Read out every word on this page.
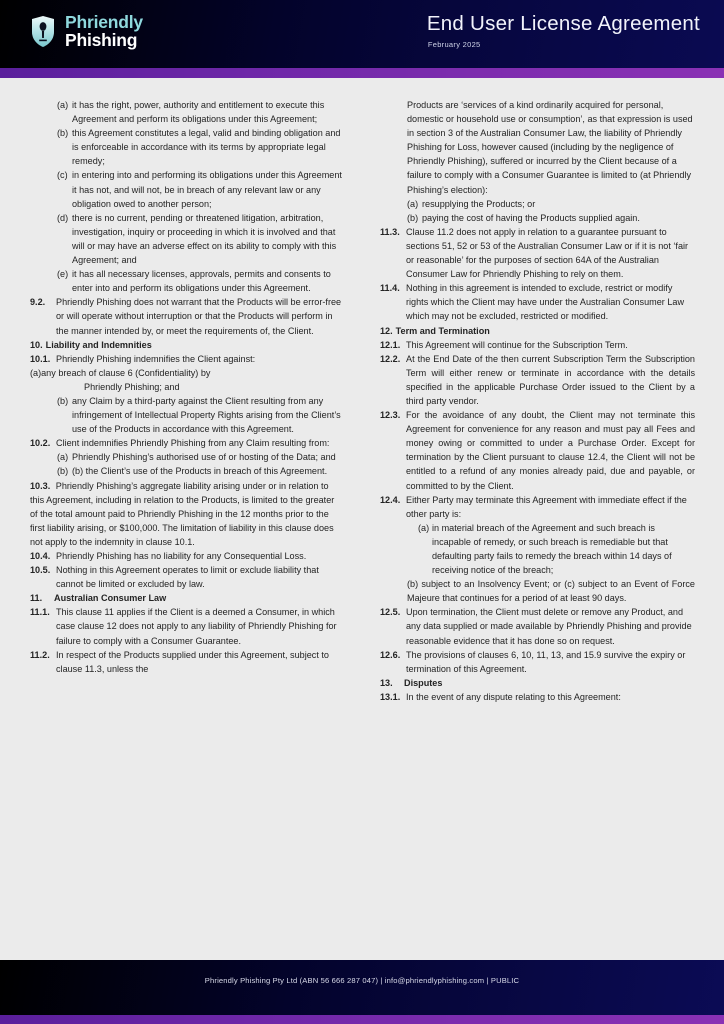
Phriendly
Phishing
End User License Agreement
February 2025
(a) it has the right, power, authority and entitlement to execute this Agreement and perform its obligations under this Agreement;
(b) this Agreement constitutes a legal, valid and binding obligation and is enforceable in accordance with its terms by appropriate legal remedy;
(c) in entering into and performing its obligations under this Agreement it has not, and will not, be in breach of any relevant law or any obligation owed to another person;
(d) there is no current, pending or threatened litigation, arbitration, investigation, inquiry or proceeding in which it is involved and that will or may have an adverse effect on its ability to comply with this Agreement; and
(e) it has all necessary licenses, approvals, permits and consents to enter into and perform its obligations under this Agreement.
9.2.	Phriendly Phishing does not warrant that the Products will be error-free or will operate without interruption or that the Products will perform in the manner intended by, or meet the requirements of, the Client.
10. Liability and Indemnities
10.1. Phriendly Phishing indemnifies the Client against:
(a)any breach of clause 6 (Confidentiality) by
Phriendly Phishing; and
(b) any Claim by a third-party against the Client resulting from any infringement of Intellectual Property Rights arising from the Client’s use of the Products in accordance with this Agreement.
10.2. Client indemnifies Phriendly Phishing from any Claim resulting from:
(a) Phriendly Phishing’s authorised use of or hosting of the Data; and
(b) (b) the Client’s use of the Products in breach of this Agreement.
10.3. Phriendly Phishing’s aggregate liability arising under or in relation to this Agreement, including in relation to the Products, is limited to the greater of the total amount paid to Phriendly Phishing in the 12 months prior to the first liability arising, or $100,000. The limitation of liability in this clause does not apply to the indemnity in clause 10.1.
10.4. Phriendly Phishing has no liability for any Consequential Loss.
10.5. Nothing in this Agreement operates to limit or exclude liability that cannot be limited or excluded by law.
11.	Australian Consumer Law
11.1. This clause 11 applies if the Client is a deemed a Consumer, in which case clause 12 does not apply to any liability of Phriendly Phishing for failure to comply with a Consumer Guarantee.
11.2. In respect of the Products supplied under this Agreement, subject to clause 11.3, unless the
Products are ‘services of a kind ordinarily acquired for personal, domestic or household use or consumption’, as that expression is used in section 3 of the Australian Consumer Law, the liability of Phriendly Phishing for Loss, however caused (including by the negligence of Phriendly Phishing), suffered or incurred by the Client because of a failure to comply with a Consumer Guarantee is limited to (at Phriendly Phishing’s election):
(a) resupplying the Products; or
(b) paying the cost of having the Products supplied again.
11.3. Clause 11.2 does not apply in relation to a guarantee pursuant to sections 51, 52 or 53 of the Australian Consumer Law or if it is not ‘fair or reasonable’ for the purposes of section 64A of the Australian Consumer Law for Phriendly Phishing to rely on them.
11.4. Nothing in this agreement is intended to exclude, restrict or modify rights which the Client may have under the Australian Consumer Law which may not be excluded, restricted or modified.
12. Term and Termination
12.1. This Agreement will continue for the Subscription Term.
12.2. At the End Date of the then current Subscription Term the Subscription Term will either renew or terminate in accordance with the details specified in the applicable Purchase Order issued to the Client by a third party vendor.
12.3. For the avoidance of any doubt, the Client may not terminate this Agreement for convenience for any reason and must pay all Fees and money owing or committed to under a Purchase Order. Except for termination by the Client pursuant to clause 12.4, the Client will not be entitled to a refund of any monies already paid, due and payable, or committed to by the Client.
12.4. Either Party may terminate this Agreement with immediate effect if the other party is:
(a) in material breach of the Agreement and such breach is incapable of remedy, or such breach is remediable but that defaulting party fails to remedy the breach within 14 days of receiving notice of the breach;
(b) subject to an Insolvency Event; or (c) subject to an Event of Force Majeure that continues for a period of at least 90 days.
12.5. Upon termination, the Client must delete or remove any Product, and any data supplied or made available by Phriendly Phishing and provide reasonable evidence that it has done so on request.
12.6. The provisions of clauses 6, 10, 11, 13, and 15.9 survive the expiry or termination of this Agreement.
13.	Disputes
13.1. In the event of any dispute relating to this Agreement:
Phriendly Phishing Pty Ltd (ABN 56 666 287 047) | info@phriendlyphishing.com | PUBLIC
